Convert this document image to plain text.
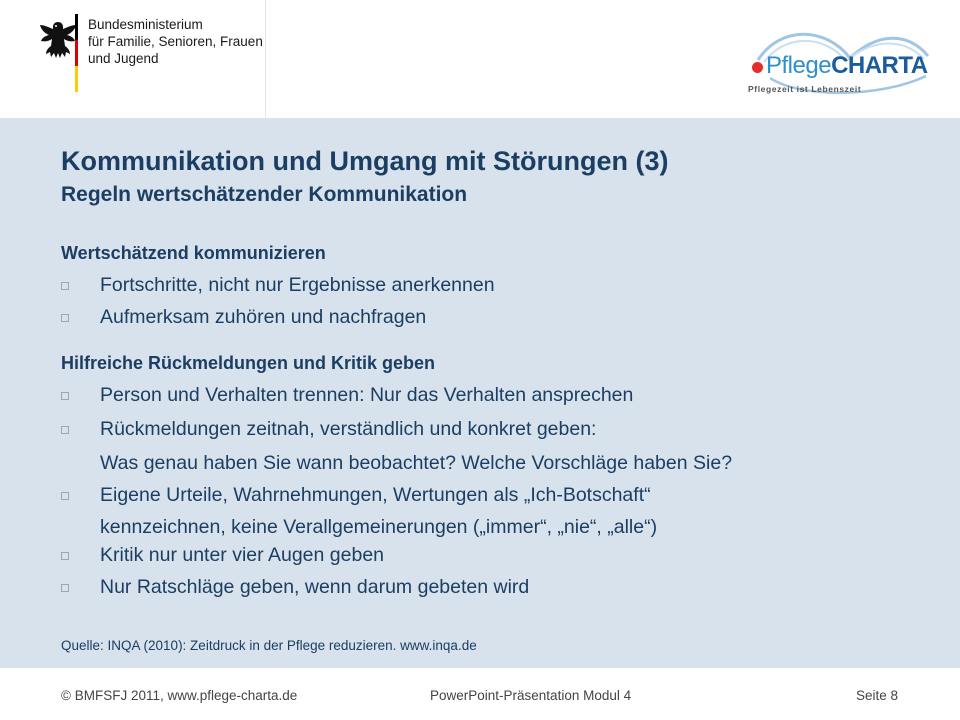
Bundesministerium
für Familie, Senioren, Frauen
und Jugend	PflegeCHARTA
Pflegezeit ist Lebenszeit
Kommunikation und Umgang mit Störungen (3)
Regeln wertschätzender Kommunikation
Wertschätzend kommunizieren
Fortschritte, nicht nur Ergebnisse anerkennen
Aufmerksam zuhören und nachfragen
Hilfreiche Rückmeldungen und Kritik geben
Person und Verhalten trennen: Nur das Verhalten ansprechen
Rückmeldungen zeitnah, verständlich und konkret geben:
Was genau haben Sie wann beobachtet? Welche Vorschläge haben Sie?
Eigene Urteile, Wahrnehmungen, Wertungen als „Ich-Botschaft“
kennzeichnen, keine Verallgemeinerungen („immer“, „nie“, „alle“)
Kritik nur unter vier Augen geben
Nur Ratschläge geben, wenn darum gebeten wird
Quelle: INQA (2010): Zeitdruck in der Pflege reduzieren. www.inqa.de
© BMFSFJ 2011, www.pflege-charta.de	PowerPoint-Präsentation Modul 4	Seite 8
